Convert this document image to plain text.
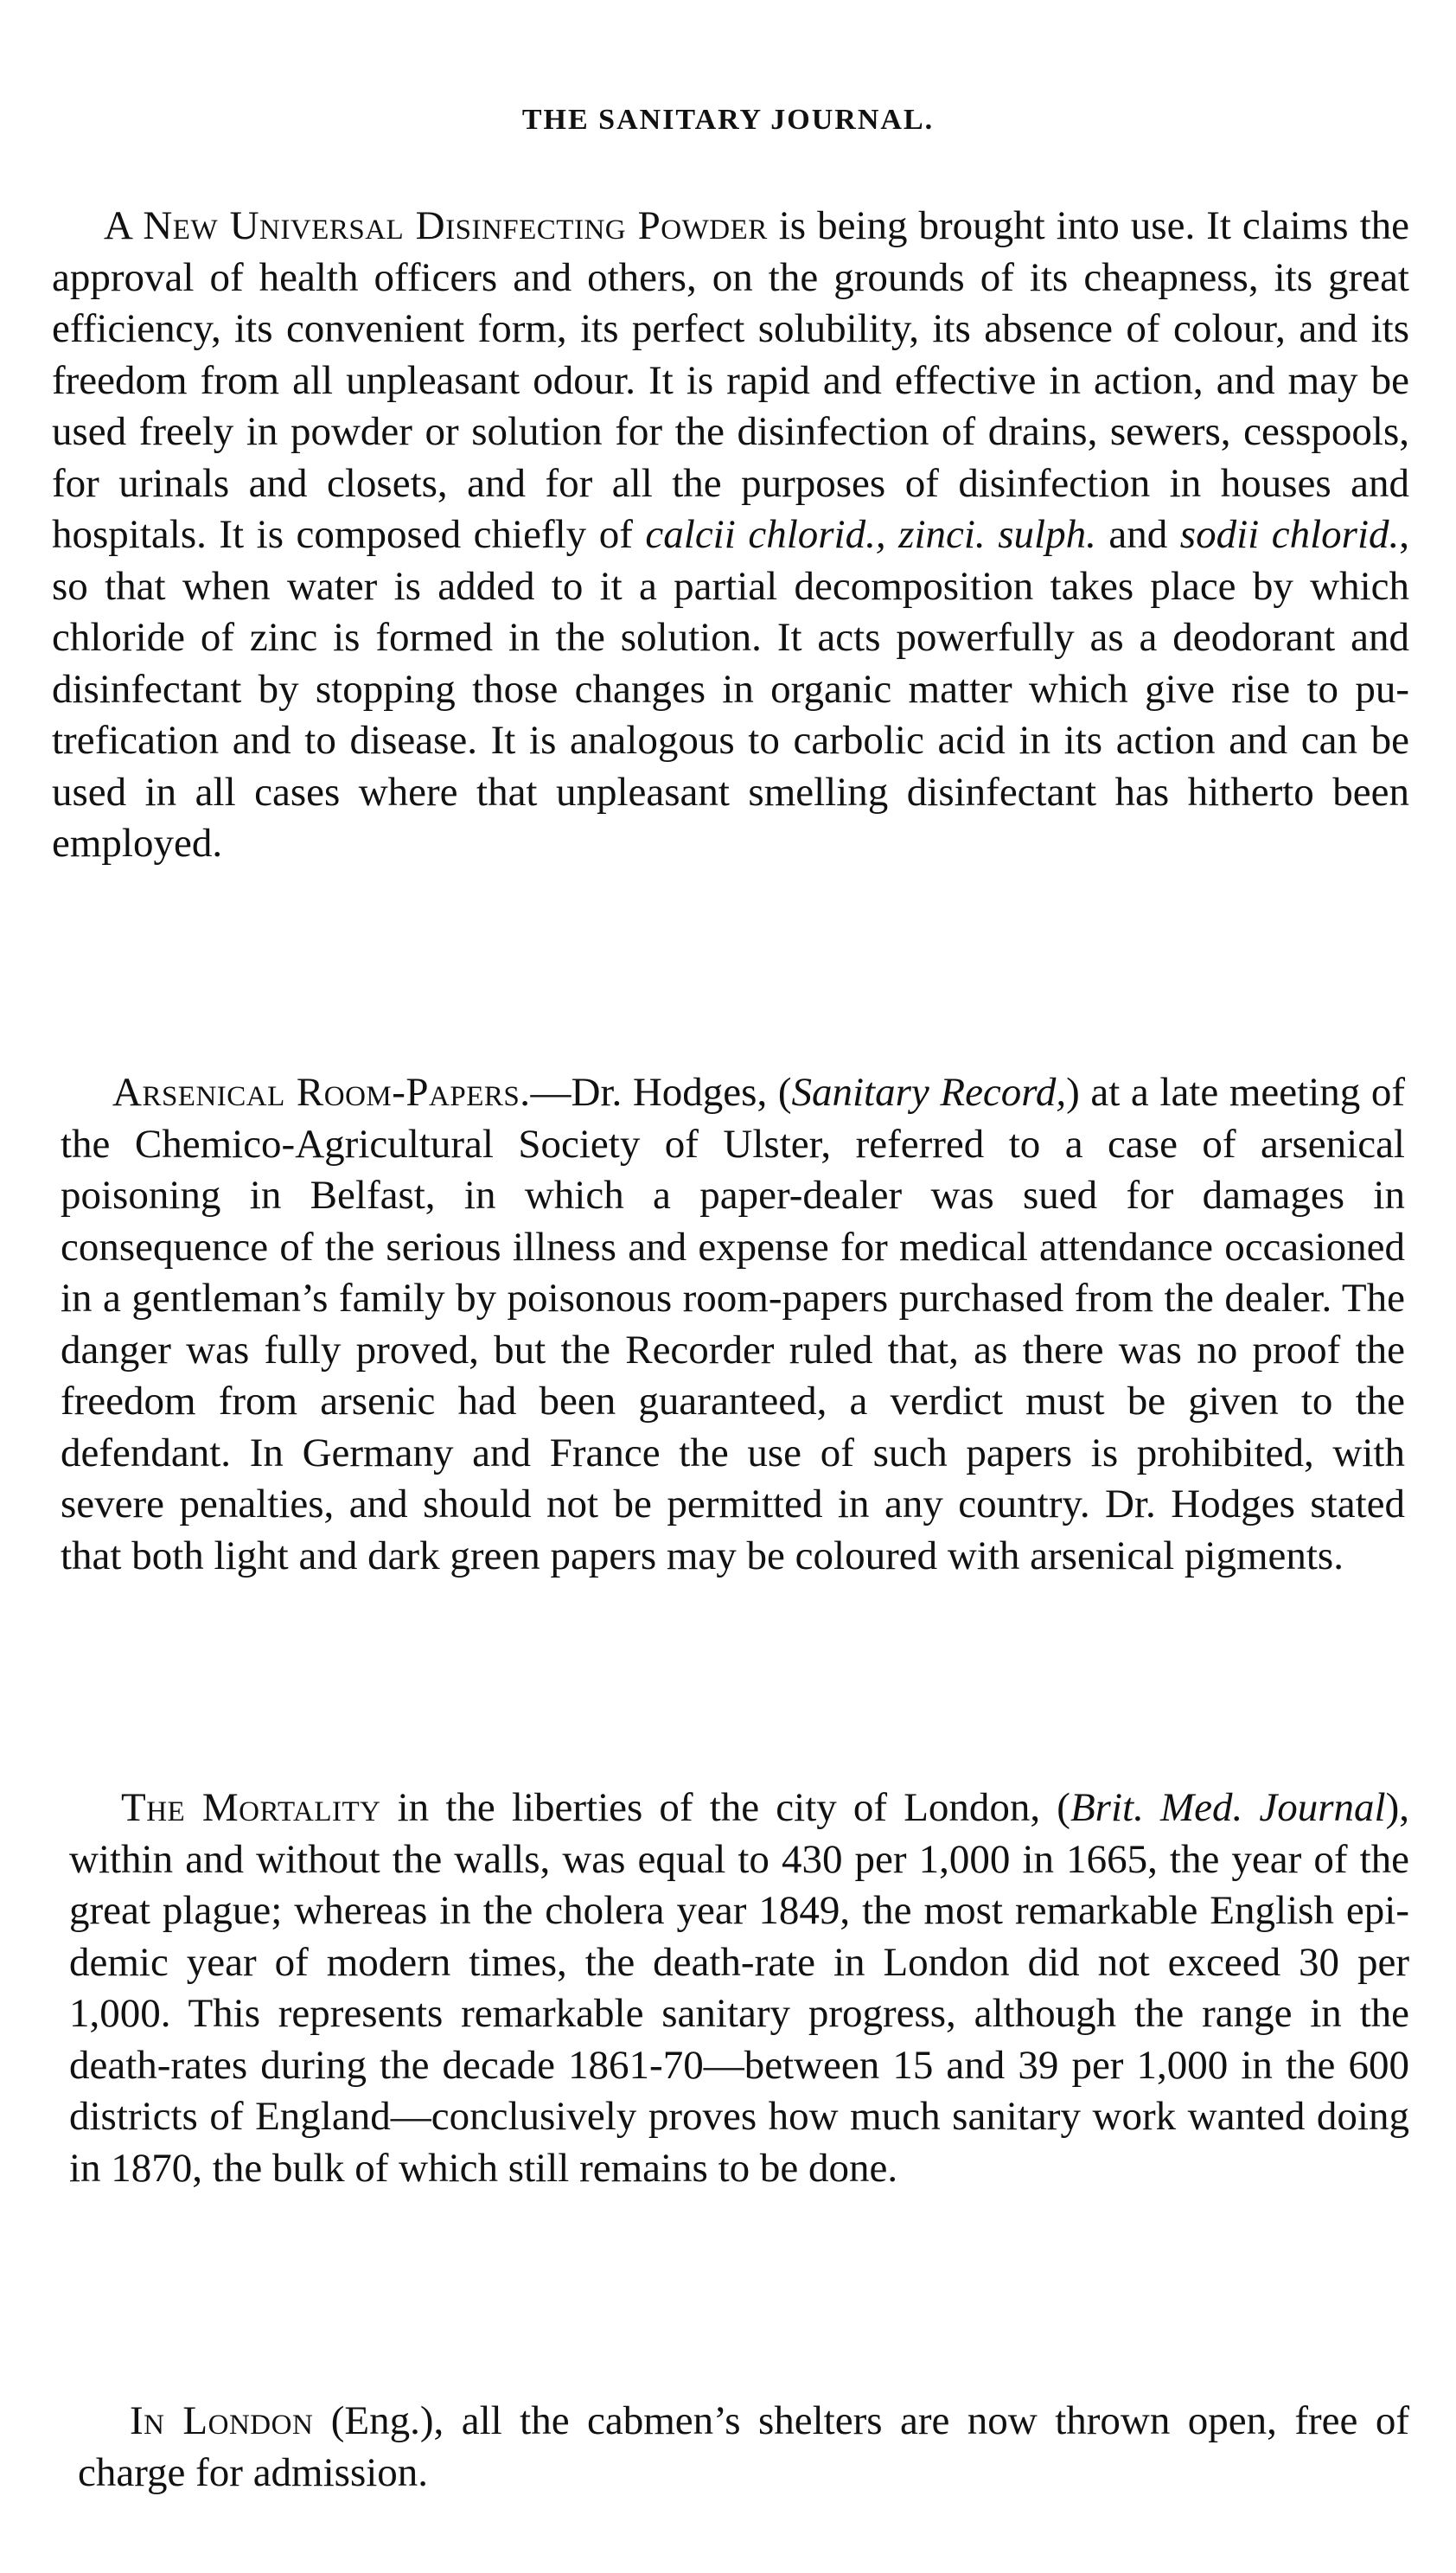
THE SANITARY JOURNAL.

A New Universal Disinfecting Powder is being brought into use. It claims the approval of health officers and others, on the grounds of its cheapness, its great efficiency, its convenient form, its perfect solubility, its absence of colour, and its freedom from all unpleasant odour. It is rapid and effective in action, and may be used freely in powder or solution for the disinfection of drains, sewers, cesspools, for urinals and closets, and for all the purposes of disinfection in houses and hospitals. It is composed chiefly of calcii chlorid., zinci. sulph. and sodii chlorid., so that when water is added to it a partial decomposition takes place by which chloride of zinc is formed in the solution. It acts powerfully as a deodorant and disinfectant by stopping those changes in organic matter which give rise to putrefication and to disease. It is analogous to carbolic acid in its action and can be used in all cases where that unpleasant smelling disinfectant has hitherto been employed.

Arsenical Room-Papers.—Dr. Hodges, (Sanitary Record,) at a late meeting of the Chemico-Agricultural Society of Ulster, referred to a case of arsenical poisoning in Belfast, in which a paper-dealer was sued for damages in consequence of the serious illness and expense for medical attendance occasioned in a gentleman’s family by poisonous room-papers purchased from the dealer. The danger was fully proved, but the Recorder ruled that, as there was no proof the freedom from arsenic had been guaranteed, a verdict must be given to the defendant. In Germany and France the use of such papers is prohibited, with severe penalties, and should not be permitted in any country. Dr. Hodges stated that both light and dark green papers may be coloured with arsenical pigments.

The Mortality in the liberties of the city of London, (Brit. Med. Journal), within and without the walls, was equal to 430 per 1,000 in 1665, the year of the great plague; whereas in the cholera year 1849, the most remarkable English epidemic year of modern times, the death-rate in London did not exceed 30 per 1,000. This represents remarkable sanitary progress, although the range in the death-rates during the decade 1861-70—between 15 and 39 per 1,000 in the 600 districts of England—conclusively proves how much sanitary work wanted doing in 1870, the bulk of which still remains to be done.

In London (Eng.), all the cabmen’s shelters are now thrown open, free of charge for admission.
